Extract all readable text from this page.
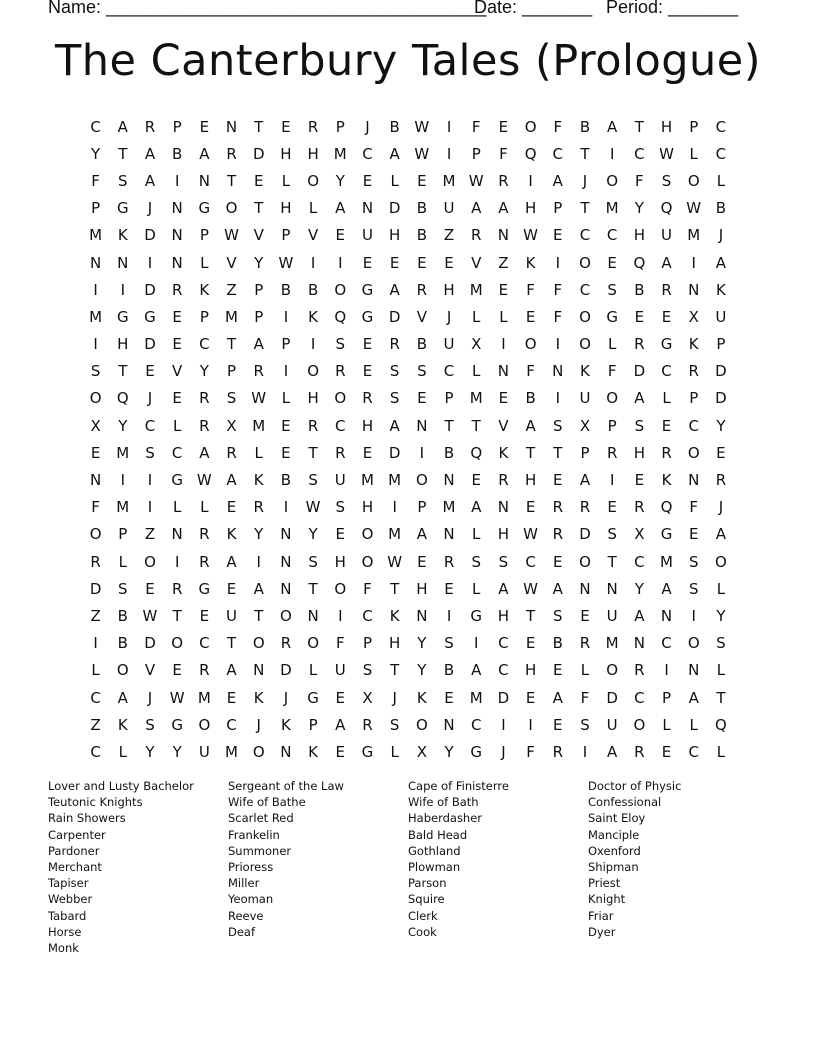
Name: ______________________________________
Date: _______ Period: _______
The Canterbury Tales (Prologue)
C	A	R	P	E	N	T	E	R	P	J	B W	I	F	E	O	F	B	A	T	H	P	C
Y	T	A	B	A	R	D	H	H	M	C	A W	I	P	F	Q	C	T	I	C W	L	C
F	S	A	I	N	T	E	L	O	Y	E	L	E	M W R	I	A	J	O	F	S	O	L
P	G	J	N	G	O	T	H	L	A	N	D	B	U	A	A	H	P	T	M	Y	Q W B
M	K	D	N	P	W V	P	V	E	U	H	B	Z	R	N W	E	C	C	H	U	M	J
N	N	I	N	L	V	Y	W	I	I	E	E	E	E	V	Z	K	I	O	E	Q	A	I	A
I	I	D	R	K	Z	P	B	B	O	G	A	R	H	M	E	F	F	C	S	B	R	N	K
M G	G	E	P	M	P	I	K	Q	G	D	V	J	L	L	E	F	O	G	E	E	X	U
I	H	D	E	C	T	A	P	I	S	E	R	B	U	X	I	O	I	O	L	R	G	K	P
S	T	E	V	Y	P	R	I	O	R	E	S	S	C	L	N	F	N	K	F	D	C	R	D
O	Q	J	E	R	S	W	L	H	O	R	S	E	P	M	E	B	I	U	O	A	L	P	D
X	Y	C	L	R	X	M	E	R	C	H	A	N	T	T	V	A	S	X	P	S	E	C	Y
E	M	S	C	A	R	L	E	T	R	E	D	I	B	Q	K	T	T	P	R	H	R	O	E
N	I	I	G W A	K	B	S	U	M M O	N	E	R	H	E	A	I	E	K	N	R
F	M	I	L	L	E	R	I	W	S	H	I	P	M	A	N	E	R	R	E	R	Q	F	J
O	P	Z	N	R	K	Y	N	Y	E	O M	A	N	L	H W R	D	S	X	G	E	A
R	L	O	I	R	A	I	N	S	H	O W	E	R	S	S	C	E	O	T	C	M	S	O
D	S	E	R	G	E	A	N	T	O	F	T	H	E	L	A W A	N	N	Y	A	S	L
Z	B W	T	E	U	T	O	N	I	C	K	N	I	G	H	T	S	E	U	A	N	I	Y
I	B	D	O	C	T	O	R	O	F	P	H	Y	S	I	C	E	B	R	M	N	C	O	S
L	O	V	E	R	A	N	D	L	U	S	T	Y	B	A	C	H	E	L	O	R	I	N	L
C	A	J	W M	E	K	J	G	E	X	J	K	E	M D	E	A	F	D	C	P	A	T
Z	K	S	G	O	C	J	K	P	A	R	S	O	N	C	I	I	E	S	U	O	L	L	Q
C	L	Y	Y	U	M O	N	K	E	G	L	X	Y	G	J	F	R	I	A	R	E	C	L
Lover and Lusty Bachelor
Teutonic Knights
Rain Showers
Carpenter
Pardoner
Merchant
Tapiser
Webber
Tabard
Horse
Monk
Sergeant of the Law
Wife of Bathe
Scarlet Red
Frankelin
Summoner
Prioress
Miller
Yeoman
Reeve
Deaf
Cape of Finisterre
Wife of Bath
Haberdasher
Bald Head
Gothland
Plowman
Parson
Squire
Clerk
Cook
Doctor of Physic
Confessional
Saint Eloy
Manciple
Oxenford
Shipman
Priest
Knight
Friar
Dyer
